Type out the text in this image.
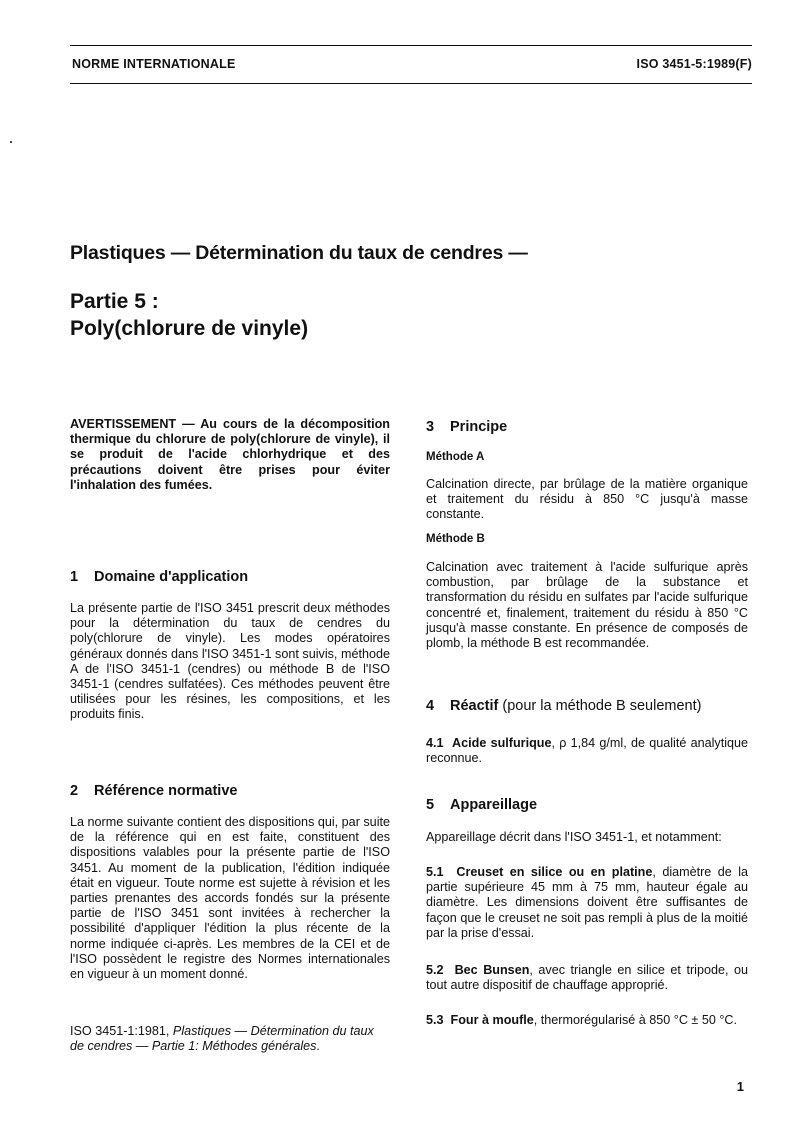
NORME INTERNATIONALE	ISO 3451-5:1989(F)
Plastiques — Détermination du taux de cendres —
Partie 5 :
Poly(chlorure de vinyle)

AVERTISSEMENT — Au cours de la décomposition thermique du chlorure de poly(chlorure de vinyle), il se produit de l'acide chlorhydrique et des précautions doivent être prises pour éviter l'inhalation des fumées.

1 Domaine d'application

La présente partie de l'ISO 3451 prescrit deux méthodes pour la détermination du taux de cendres du poly(chlorure de vinyle). Les modes opératoires généraux donnés dans l'ISO 3451-1 sont suivis, méthode A de l'ISO 3451-1 (cendres) ou méthode B de l'ISO 3451-1 (cendres sulfatées). Ces méthodes peuvent être utilisées pour les résines, les compositions, et les produits finis.

2 Référence normative

La norme suivante contient des dispositions qui, par suite de la référence qui en est faite, constituent des dispositions valables pour la présente partie de l'ISO 3451. Au moment de la publication, l'édition indiquée était en vigueur. Toute norme est sujette à révision et les parties prenantes des accords fondés sur la présente partie de l'ISO 3451 sont invitées à rechercher la possibilité d'appliquer l'édition la plus récente de la norme indiquée ci-après. Les membres de la CEI et de l'ISO possèdent le registre des Normes internationales en vigueur à un moment donné.

ISO 3451-1:1981, Plastiques — Détermination du taux de cendres — Partie 1: Méthodes générales.

3 Principe
Méthode A

Calcination directe, par brûlage de la matière organique et traitement du résidu à 850 °C jusqu'à masse constante.

Méthode B

Calcination avec traitement à l'acide sulfurique après combustion, par brûlage de la substance et transformation du résidu en sulfates par l'acide sulfurique concentré et, finalement, traitement du résidu à 850 °C jusqu'à masse constante. En présence de composés de plomb, la méthode B est recommandée.

4 Réactif (pour la méthode B seulement)

4.1 Acide sulfurique, ρ 1,84 g/ml, de qualité analytique reconnue.

5 Appareillage

Appareillage décrit dans l'ISO 3451-1, et notamment:

5.1 Creuset en silice ou en platine, diamètre de la partie supérieure 45 mm à 75 mm, hauteur égale au diamètre. Les dimensions doivent être suffisantes de façon que le creuset ne soit pas rempli à plus de la moitié par la prise d'essai.

5.2 Bec Bunsen, avec triangle en silice et tripode, ou tout autre dispositif de chauffage approprié.

5.3 Four à moufle, thermorégularisé à 850 °C ± 50 °C.

1
